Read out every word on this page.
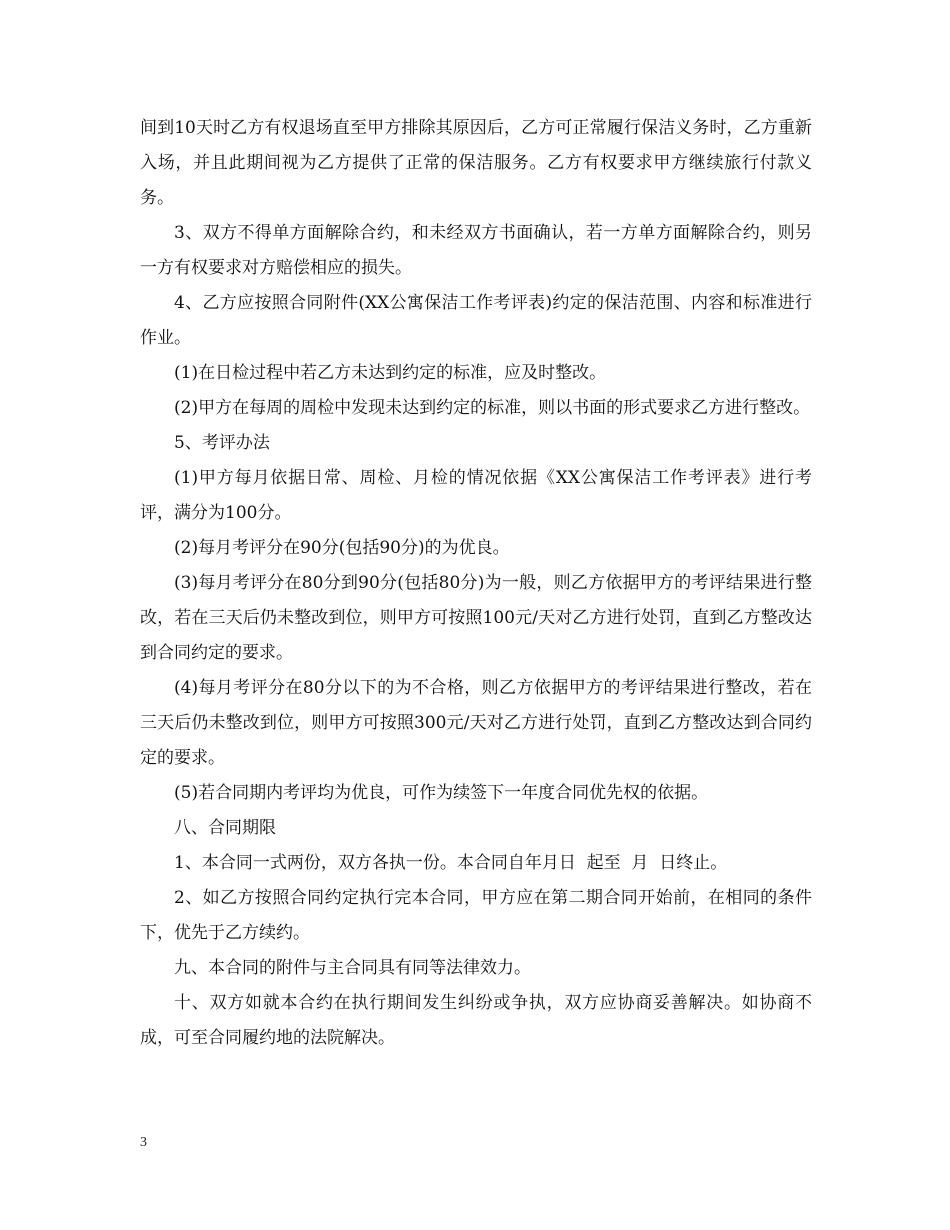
间到10天时乙方有权退场直至甲方排除其原因后，乙方可正常履行保洁义务时，乙方重新入场，并且此期间视为乙方提供了正常的保洁服务。乙方有权要求甲方继续旅行付款义务。

3、双方不得单方面解除合约，和未经双方书面确认，若一方单方面解除合约，则另一方有权要求对方赔偿相应的损失。

4、乙方应按照合同附件(XX公寓保洁工作考评表)约定的保洁范围、内容和标准进行作业。

(1)在日检过程中若乙方未达到约定的标准，应及时整改。

(2)甲方在每周的周检中发现未达到约定的标准，则以书面的形式要求乙方进行整改。

5、考评办法

(1)甲方每月依据日常、周检、月检的情况依据《XX公寓保洁工作考评表》进行考评，满分为100分。

(2)每月考评分在90分(包括90分)的为优良。

(3)每月考评分在80分到90分(包括80分)为一般，则乙方依据甲方的考评结果进行整改，若在三天后仍未整改到位，则甲方可按照100元/天对乙方进行处罚，直到乙方整改达到合同约定的要求。

(4)每月考评分在80分以下的为不合格，则乙方依据甲方的考评结果进行整改，若在三天后仍未整改到位，则甲方可按照300元/天对乙方进行处罚，直到乙方整改达到合同约定的要求。

(5)若合同期内考评均为优良，可作为续签下一年度合同优先权的依据。

八、合同期限

1、本合同一式两份，双方各执一份。本合同自年月日  起至  月  日终止。

2、如乙方按照合同约定执行完本合同，甲方应在第二期合同开始前，在相同的条件下，优先于乙方续约。

九、本合同的附件与主合同具有同等法律效力。

十、双方如就本合约在执行期间发生纠纷或争执，双方应协商妥善解决。如协商不成，可至合同履约地的法院解决。

3
